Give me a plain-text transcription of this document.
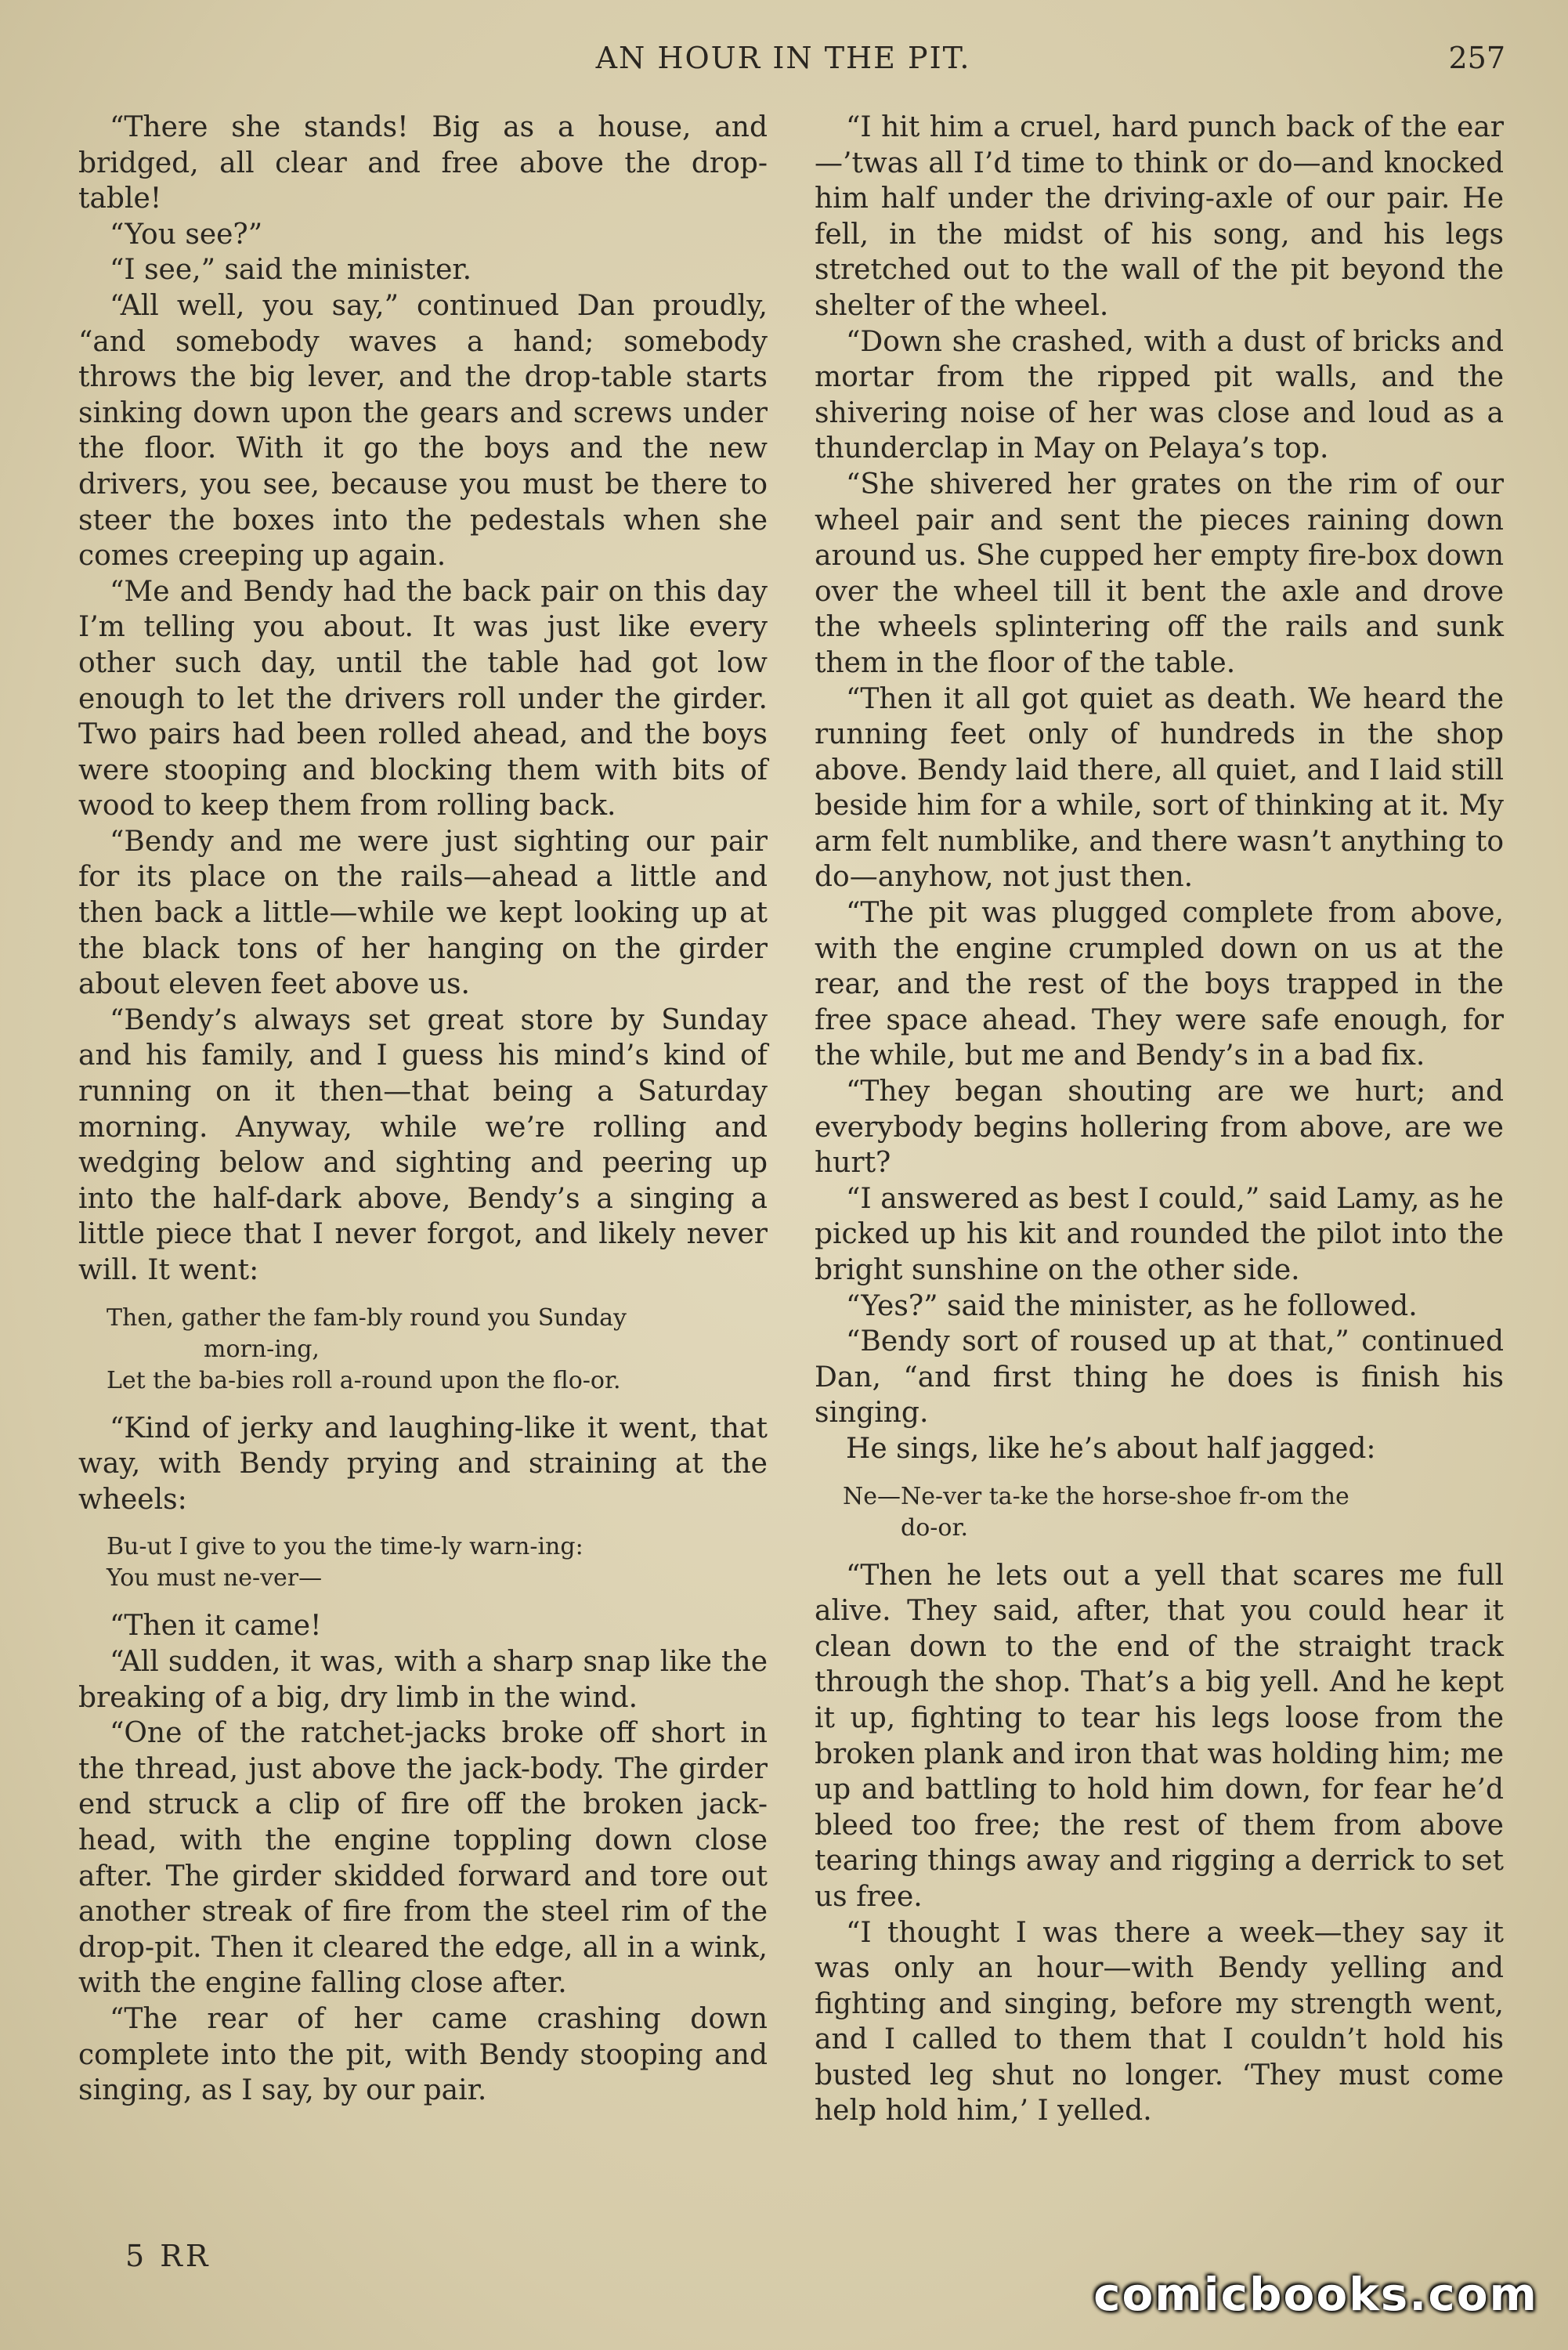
AN HOUR IN THE PIT.	257

“There she stands! Big as a house, and bridged, all clear and free above the drop-table!

“You see?”

“I see,” said the minister.

“All well, you say,” continued Dan proudly, “and somebody waves a hand; somebody throws the big lever, and the drop-table starts sinking down upon the gears and screws under the floor. With it go the boys and the new drivers, you see, because you must be there to steer the boxes into the pedestals when she comes creeping up again.

“Me and Bendy had the back pair on this day I’m telling you about. It was just like every other such day, until the table had got low enough to let the drivers roll under the girder. Two pairs had been rolled ahead, and the boys were stooping and blocking them with bits of wood to keep them from rolling back.

“Bendy and me were just sighting our pair for its place on the rails—ahead a little and then back a little—while we kept looking up at the black tons of her hanging on the girder about eleven feet above us.

“Bendy’s always set great store by Sunday and his family, and I guess his mind’s kind of running on it then—that being a Saturday morning. Anyway, while we’re rolling and wedging below and sighting and peering up into the half-dark above, Bendy’s a singing a little piece that I never forgot, and likely never will. It went:

Then, gather the fam-bly round you Sunday
morn-ing,
Let the ba-bies roll a-round upon the flo-or.

“Kind of jerky and laughing-like it went, that way, with Bendy prying and straining at the wheels:

Bu-ut I give to you the time-ly warn-ing:
You must ne-ver—

“Then it came!

“All sudden, it was, with a sharp snap like the breaking of a big, dry limb in the wind.

“One of the ratchet-jacks broke off short in the thread, just above the jack-body. The girder end struck a clip of fire off the broken jack-head, with the engine toppling down close after. The girder skidded forward and tore out another streak of fire from the steel rim of the drop-pit. Then it cleared the edge, all in a wink, with the engine falling close after.

“The rear of her came crashing down complete into the pit, with Bendy stooping and singing, as I say, by our pair.

“I hit him a cruel, hard punch back of the ear—’twas all I’d time to think or do—and knocked him half under the driving-axle of our pair. He fell, in the midst of his song, and his legs stretched out to the wall of the pit beyond the shelter of the wheel.

“Down she crashed, with a dust of bricks and mortar from the ripped pit walls, and the shivering noise of her was close and loud as a thunderclap in May on Pelaya’s top.

“She shivered her grates on the rim of our wheel pair and sent the pieces raining down around us. She cupped her empty fire-box down over the wheel till it bent the axle and drove the wheels splintering off the rails and sunk them in the floor of the table.

“Then it all got quiet as death. We heard the running feet only of hundreds in the shop above. Bendy laid there, all quiet, and I laid still beside him for a while, sort of thinking at it. My arm felt numblike, and there wasn’t anything to do—anyhow, not just then.

“The pit was plugged complete from above, with the engine crumpled down on us at the rear, and the rest of the boys trapped in the free space ahead. They were safe enough, for the while, but me and Bendy’s in a bad fix.

“They began shouting are we hurt; and everybody begins hollering from above, are we hurt?

“I answered as best I could,” said Lamy, as he picked up his kit and rounded the pilot into the bright sunshine on the other side.

“Yes?” said the minister, as he followed.

“Bendy sort of roused up at that,” continued Dan, “and first thing he does is finish his singing.

He sings, like he’s about half jagged:

Ne—Ne-ver ta-ke the horse-shoe fr-om the
do-or.

“Then he lets out a yell that scares me full alive. They said, after, that you could hear it clean down to the end of the straight track through the shop. That’s a big yell. And he kept it up, fighting to tear his legs loose from the broken plank and iron that was holding him; me up and battling to hold him down, for fear he’d bleed too free; the rest of them from above tearing things away and rigging a derrick to set us free.

“I thought I was there a week—they say it was only an hour—with Bendy yelling and fighting and singing, before my strength went, and I called to them that I couldn’t hold his busted leg shut no longer. ‘They must come help hold him,’ I yelled.

5 RR
comicbooks.com
